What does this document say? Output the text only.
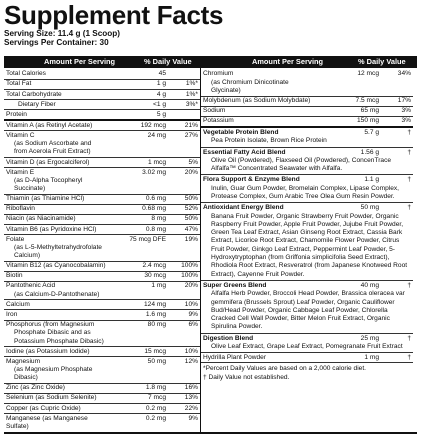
Supplement Facts
Serving Size: 11.4 g (1 Scoop)
Servings Per Container: 30
Amount Per Serving	% Daily Value	Amount Per Serving	% Daily Value
Total Calories	45
Total Fat	1 g	1%*
Total Carbohydrate	4 g	1%*
Dietary Fiber	<1 g	3%*
Protein	5 g
Vitamin A (as Retinyl Acetate)	192 mcg	21%
Vitamin C
(as Sodium Ascorbate and from Acerola Fruit Extract)
24 mg	27%
Vitamin D (as Ergocalciferol)	1 mcg	5%
Vitamin E
(as D-Alpha Tocopheryl Succinate)
3.02 mg	20%
Thiamin (as Thiamine HCl)	0.6 mg	50%
Riboflavin	0.68 mg	52%
Niacin (as Niacinamide)	8 mg	50%
Vitamin B6 (as Pyridoxine HCl)	0.8 mg	47%
Folate
(as L-5-Methyltetrahydrofolate Calcium)
75 mcg DFE	19%
Vitamin B12 (as Cyanocobalamin)	2.4 mcg	100%
Biotin	30 mcg	100%
Pantothenic Acid
(as Calcium-D-Pantothenate)
1 mg	20%
Calcium	124 mg	10%
Iron	1.6 mg	9%
Phosphorus (from Magnesium
Phosphate Dibasic and as Potassium Phosphate Dibasic)
80 mg	6%
Iodine (as Potassium Iodide)	15 mcg	10%
Magnesium
(as Magnesium Phosphate Dibasic)
50 mg	12%
Zinc (as Zinc Oxide)	1.8 mg	16%
Selenium (as Sodium Selenite)	7 mcg	13%
Copper (as Cupric Oxide)	0.2 mg	22%
Manganese (as Manganese Sulfate)
0.2 mg	9%
Chromium
(as Chromium Dinicotinate Glycinate)
12 mcg	34%
Molybdenum (as Sodium Molybdate)	7.5 mcg	17%
Sodium	65 mg	3%
Potassium	150 mg	3%
Vegetable Protein Blend	5.7 g	†
Pea Protein Isolate, Brown Rice Protein
Essential Fatty Acid Blend	1.56 g	†
Olive Oil (Powdered), Flaxseed Oil (Powdered), ConcenTrace Alfalfa™ Concentrated Seawater with Alfalfa.
Flora Support & Enzyme Blend	1.1 g	†
Inulin, Guar Gum Powder, Bromelain Complex, Lipase Complex, Protease Complex, Gum Arabic Tree Olea Gum Resin Powder.
Antioxidant Energy Blend	50 mg	†
Banana Fruit Powder, Organic Strawberry Fruit Powder, Organic Raspberry Fruit Powder, Apple Fruit Powder, Jujube Fruit Powder, Green Tea Leaf Extract, Asian Ginseng Root Extract, Cassia Bark Extract, Licorice Root Extract, Chamomile Flower Powder, Citrus Fruit Powder, Ginkgo Leaf Extract, Peppermint Leaf Powder, 5-Hydroxytryptophan (from Griffonia simplicifolia Seed Extract), Rhodiola Root Extract, Resveratrol (from Japanese Knotweed Root Extract), Cayenne Fruit Powder.
Super Greens Blend	40 mg	†
Alfalfa Herb Powder, Broccoli Head Powder, Brassica oleracea var gemmifera (Brussels Sprout) Leaf Powder, Organic Cauliflower Bud/Head Powder, Organic Cabbage Leaf Powder, Chlorella Cracked Cell Wall Powder, Bitter Melon Fruit Extract, Organic Spirulina Powder.
Digestion Blend	25 mg	†
Olive Leaf Extract, Grape Leaf Extract, Pomegranate Fruit Extract
Hydrilla Plant Powder	1 mg	†
*Percent Daily Values are based on a 2,000 calorie diet.
† Daily Value not established.
